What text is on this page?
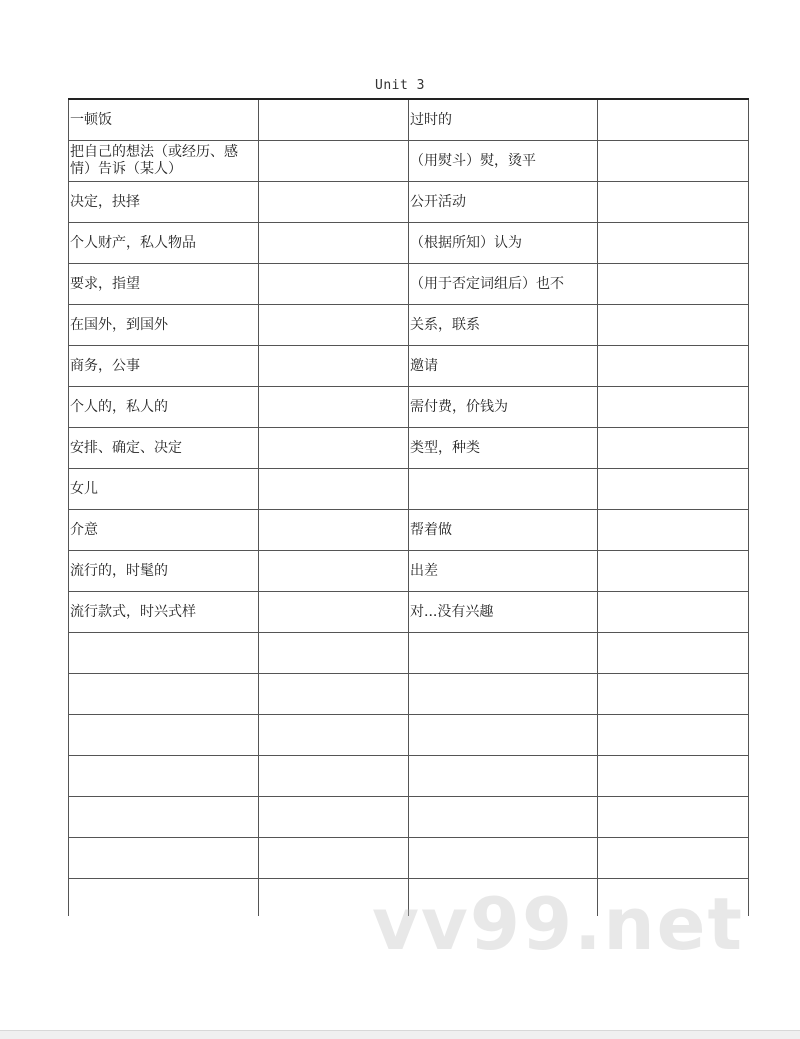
Unit 3
一顿饭		过时的	
把自己的想法（或经历、感情）告诉（某人）		（用熨斗）熨，烫平	
决定，抉择		公开活动	
个人财产，私人物品		（根据所知）认为	
要求，指望		（用于否定词组后）也不	
在国外，到国外		关系，联系	
商务，公事		邀请	
个人的，私人的		需付费，价钱为	
安排、确定、决定		类型，种类	
女儿			
介意		帮着做	
流行的，时髦的		出差	
流行款式，时兴式样		对...没有兴趣	

vv99.net
